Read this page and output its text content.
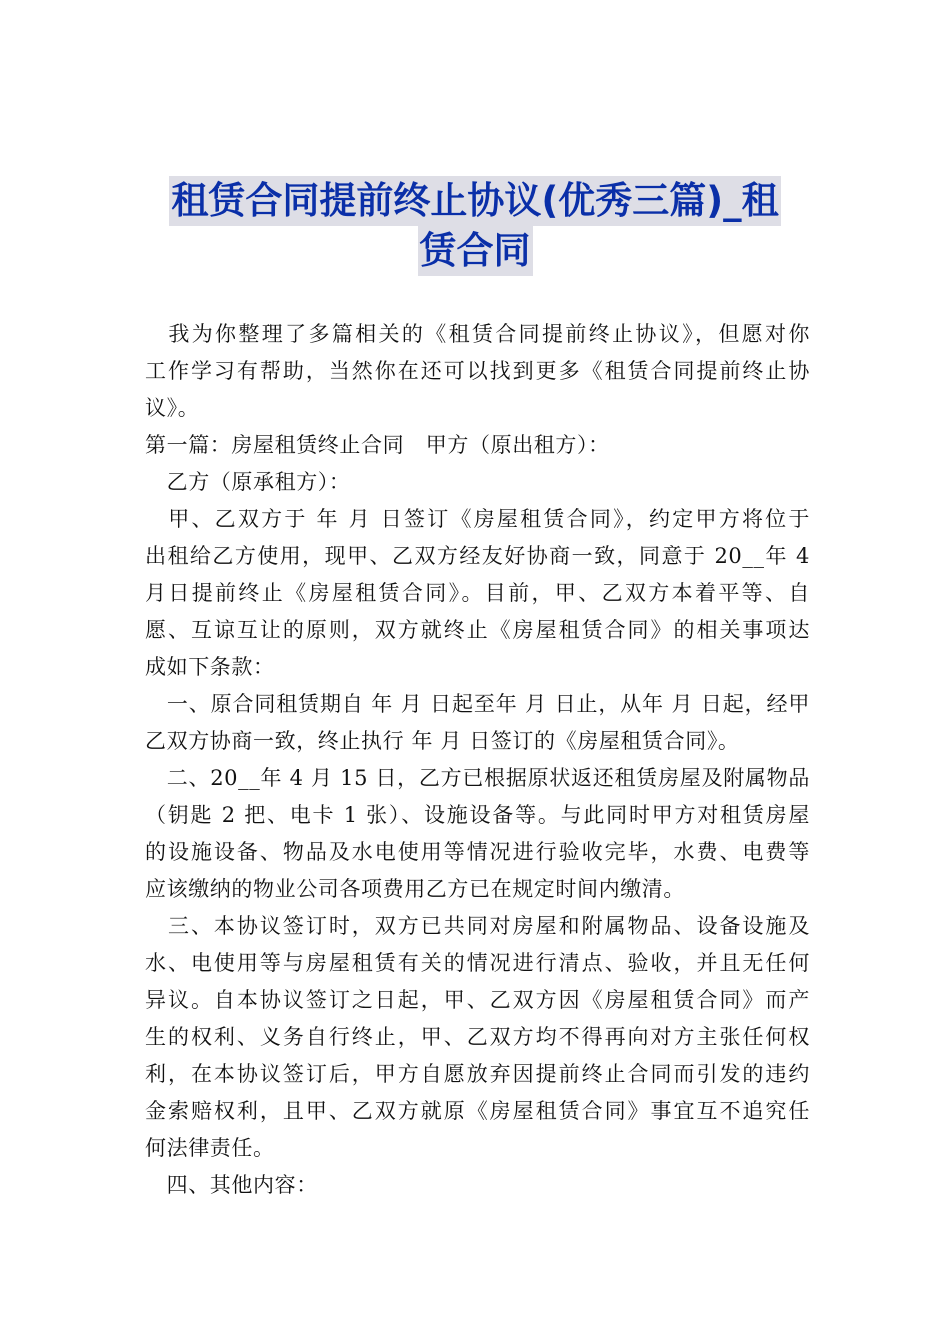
租赁合同提前终止协议(优秀三篇)_租
赁合同
　我为你整理了多篇相关的《租赁合同提前终止协议》，但愿对你
工作学习有帮助，当然你在还可以找到更多《租赁合同提前终止协
议》。
第一篇：房屋租赁终止合同　甲方（原出租方）：
　乙方（原承租方）：
　甲、乙双方于 年 月 日签订《房屋租赁合同》，约定甲方将位于
出租给乙方使用，现甲、乙双方经友好协商一致，同意于 20__年 4
月日提前终止《房屋租赁合同》。目前，甲、乙双方本着平等、自
愿、互谅互让的原则，双方就终止《房屋租赁合同》的相关事项达
成如下条款：
　一、原合同租赁期自 年 月 日起至年 月 日止，从年 月 日起，经甲
乙双方协商一致，终止执行 年 月 日签订的《房屋租赁合同》。
　二、20__年 4 月 15 日，乙方已根据原状返还租赁房屋及附属物品
（钥匙 2 把、电卡 1 张）、设施设备等。与此同时甲方对租赁房屋
的设施设备、物品及水电使用等情况进行验收完毕，水费、电费等
应该缴纳的物业公司各项费用乙方已在规定时间内缴清。
　三、本协议签订时，双方已共同对房屋和附属物品、设备设施及
水、电使用等与房屋租赁有关的情况进行清点、验收，并且无任何
异议。自本协议签订之日起，甲、乙双方因《房屋租赁合同》而产
生的权利、义务自行终止，甲、乙双方均不得再向对方主张任何权
利，在本协议签订后，甲方自愿放弃因提前终止合同而引发的违约
金索赔权利，且甲、乙双方就原《房屋租赁合同》事宜互不追究任
何法律责任。
　四、其他内容：
